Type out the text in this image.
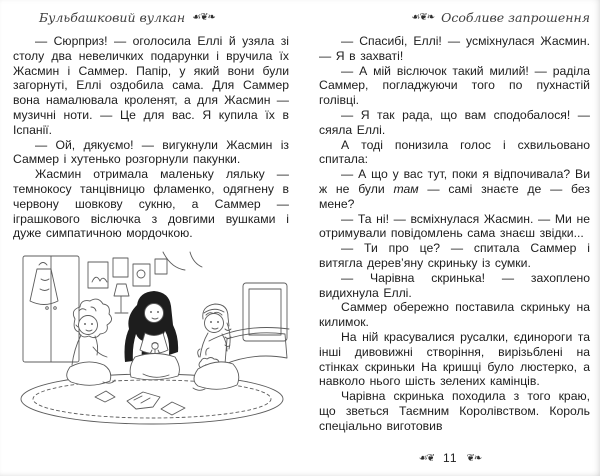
Бульбашковий вулкан ☙❦❧

— Сюрприз! — оголосила Еллі й узяла зі столу два невеличких подарунки і вручила їх Жасмин і Саммер. Папір, у який вони були загорнуті, Еллі оздобила сама. Для Саммер вона намалювала кроленят, а для Жасмин — музичні ноти. — Це для вас. Я купила їх в Іспанії.

— Ой, дякуємо! — вигукнули Жасмин із Саммер і хутенько розгорнули пакунки.

Жасмин отримала маленьку ляльку — темнокосу танцівницю фламенко, одягнену в червону шовкову сукню, а Саммер — іграшкового віслючка з довгими вушками і дуже симпатичною мордочкою.

☙❦❧ Особливе запрошення

— Спасибі, Еллі! — усміхнулася Жасмин. — Я в захваті!

— А мій віслючок такий милий! — раділа Саммер, погладжуючи того по пухнастій голівці.

— Я так рада, що вам сподобалося! — сяяла Еллі.

А тоді понизила голос і схвильовано спитала:

— А що у вас тут, поки я відпочивала? Ви ж не були там — самі знаєте де — без мене?

— Та ні! — всміхнулася Жасмин. — Ми не отримували повідомлень сама знаєш звідки...

— Ти про це? — спитала Саммер і витягла дерев’яну скриньку із сумки.

— Чарівна скринька! — захоплено видихнула Еллі.

Саммер обережно поставила скриньку на килимок.

На ній красувалися русалки, єдинороги та інші дивовижні створіння, вирізьблені на стінках скриньки На кришці було люстерко, а навколо нього шість зелених камінців.

Чарівна скринька походила з того краю, що зветься Таємним Королівством. Король спеціально виготовив

☙❦ 11 ❦❧
